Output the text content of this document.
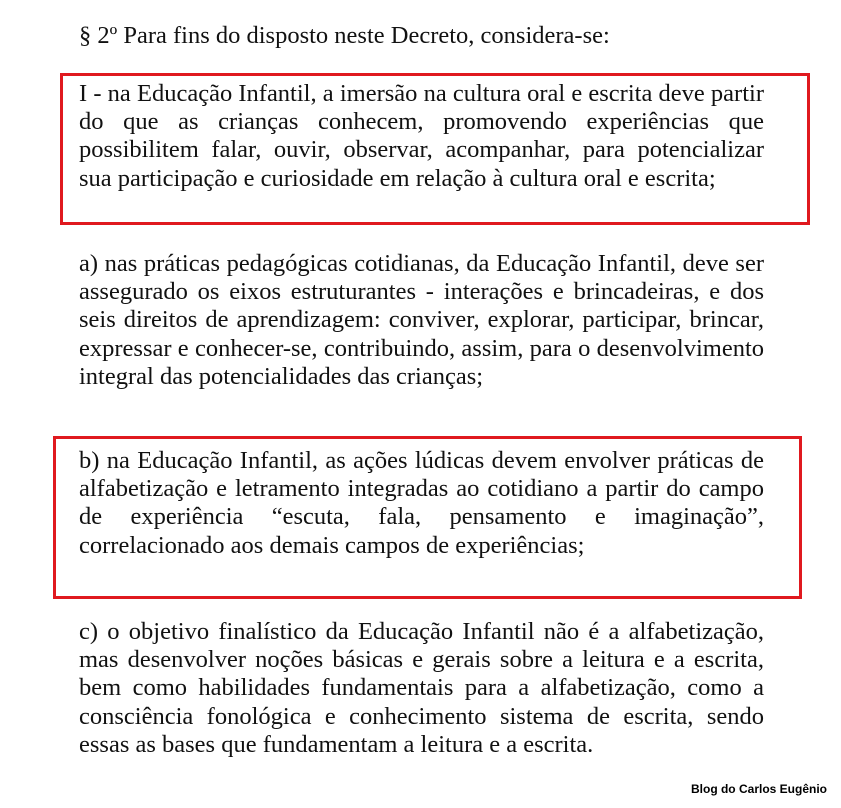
§ 2º Para fins do disposto neste Decreto, considera-se:

I - na Educação Infantil, a imersão na cultura oral e escrita deve partir do que as crianças conhecem, promovendo experiências que possibilitem falar, ouvir, observar, acompanhar, para potencializar sua participação e curiosidade em relação à cultura oral e escrita;

a) nas práticas pedagógicas cotidianas, da Educação Infantil, deve ser assegurado os eixos estruturantes - interações e brincadeiras, e dos seis direitos de aprendizagem: conviver, explorar, participar, brincar, expressar e conhecer-se, contribuindo, assim, para o desenvolvimento integral das potencialidades das crianças;

b) na Educação Infantil, as ações lúdicas devem envolver práticas de alfabetização e letramento integradas ao cotidiano a partir do campo de experiência “escuta, fala, pensamento e imaginação”, correlacionado aos demais campos de experiências;

c) o objetivo finalístico da Educação Infantil não é a alfabetização, mas desenvolver noções básicas e gerais sobre a leitura e a escrita, bem como habilidades fundamentais para a alfabetização, como a consciência fonológica e conhecimento sistema de escrita, sendo essas as bases que fundamentam a leitura e a escrita.

Blog do Carlos Eugênio
